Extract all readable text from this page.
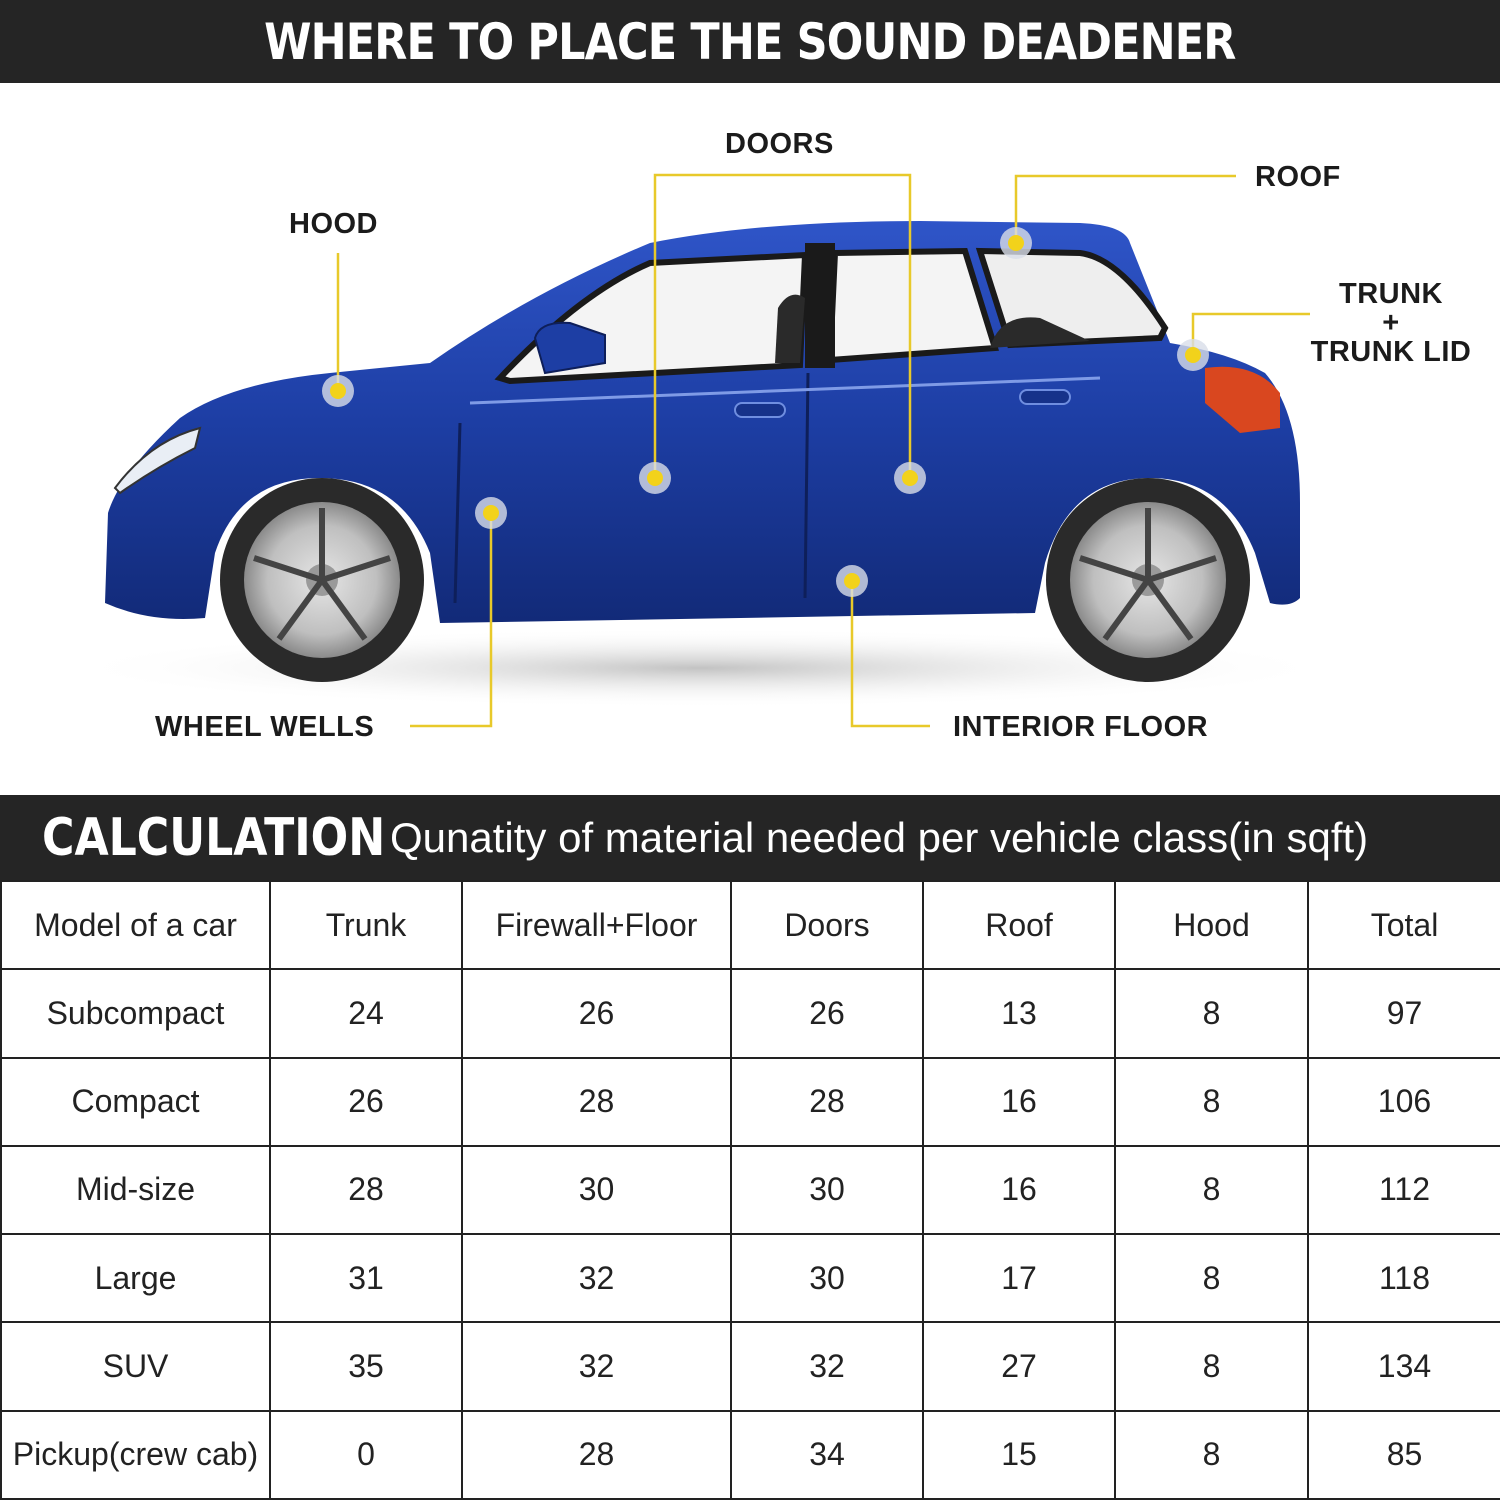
WHERE TO PLACE THE SOUND DEADENER
DOORS
ROOF
HOOD
TRUNK
+
TRUNK LID
WHEEL WELLS	INTERIOR FLOOR
CALCULATION Qunatity of material needed per vehicle class(in sqft)
Model of a car	Trunk	Firewall+Floor	Doors	Roof	Hood	Total
Subcompact	24	26	26	13	8	97
Compact	26	28	28	16	8	106
Mid-size	28	30	30	16	8	112
Large	31	32	30	17	8	118
SUV	35	32	32	27	8	134
Pickup(crew cab)	0	28	34	15	8	85
